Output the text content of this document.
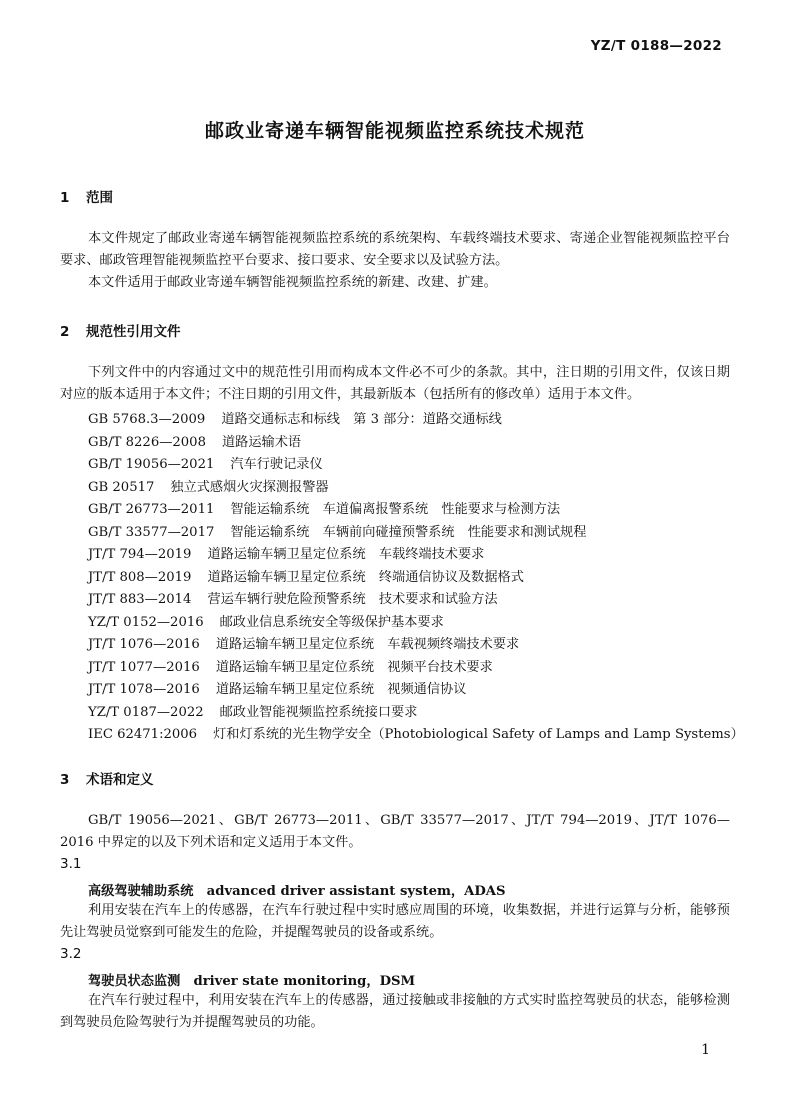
YZ/T 0188—2022
邮政业寄递车辆智能视频监控系统技术规范
1 范围
本文件规定了邮政业寄递车辆智能视频监控系统的系统架构、车载终端技术要求、寄递企业智能视频监控平台要求、邮政管理智能视频监控平台要求、接口要求、安全要求以及试验方法。
本文件适用于邮政业寄递车辆智能视频监控系统的新建、改建、扩建。
2 规范性引用文件
下列文件中的内容通过文中的规范性引用而构成本文件必不可少的条款。其中，注日期的引用文件，仅该日期对应的版本适用于本文件；不注日期的引用文件，其最新版本（包括所有的修改单）适用于本文件。
GB 5768.3—2009 道路交通标志和标线　第 3 部分：道路交通标线
GB/T 8226—2008 道路运输术语
GB/T 19056—2021 汽车行驶记录仪
GB 20517 独立式感烟火灾探测报警器
GB/T 26773—2011 智能运输系统　车道偏离报警系统　性能要求与检测方法
GB/T 33577—2017 智能运输系统　车辆前向碰撞预警系统　性能要求和测试规程
JT/T 794—2019 道路运输车辆卫星定位系统　车载终端技术要求
JT/T 808—2019 道路运输车辆卫星定位系统　终端通信协议及数据格式
JT/T 883—2014 营运车辆行驶危险预警系统　技术要求和试验方法
YZ/T 0152—2016 邮政业信息系统安全等级保护基本要求
JT/T 1076—2016 道路运输车辆卫星定位系统　车载视频终端技术要求
JT/T 1077—2016 道路运输车辆卫星定位系统　视频平台技术要求
JT/T 1078—2016 道路运输车辆卫星定位系统　视频通信协议
YZ/T 0187—2022 邮政业智能视频监控系统接口要求
IEC 62471:2006 灯和灯系统的光生物学安全（Photobiological Safety of Lamps and Lamp Systems）
3 术语和定义
GB/T 19056—2021、GB/T 26773—2011、GB/T 33577—2017、JT/T 794—2019、JT/T 1076—2016 中界定的以及下列术语和定义适用于本文件。
3.1
高级驾驶辅助系统　advanced driver assistant system，ADAS
利用安装在汽车上的传感器，在汽车行驶过程中实时感应周围的环境，收集数据，并进行运算与分析，能够预先让驾驶员觉察到可能发生的危险，并提醒驾驶员的设备或系统。
3.2
驾驶员状态监测　driver state monitoring，DSM
在汽车行驶过程中，利用安装在汽车上的传感器，通过接触或非接触的方式实时监控驾驶员的状态，能够检测到驾驶员危险驾驶行为并提醒驾驶员的功能。
1
